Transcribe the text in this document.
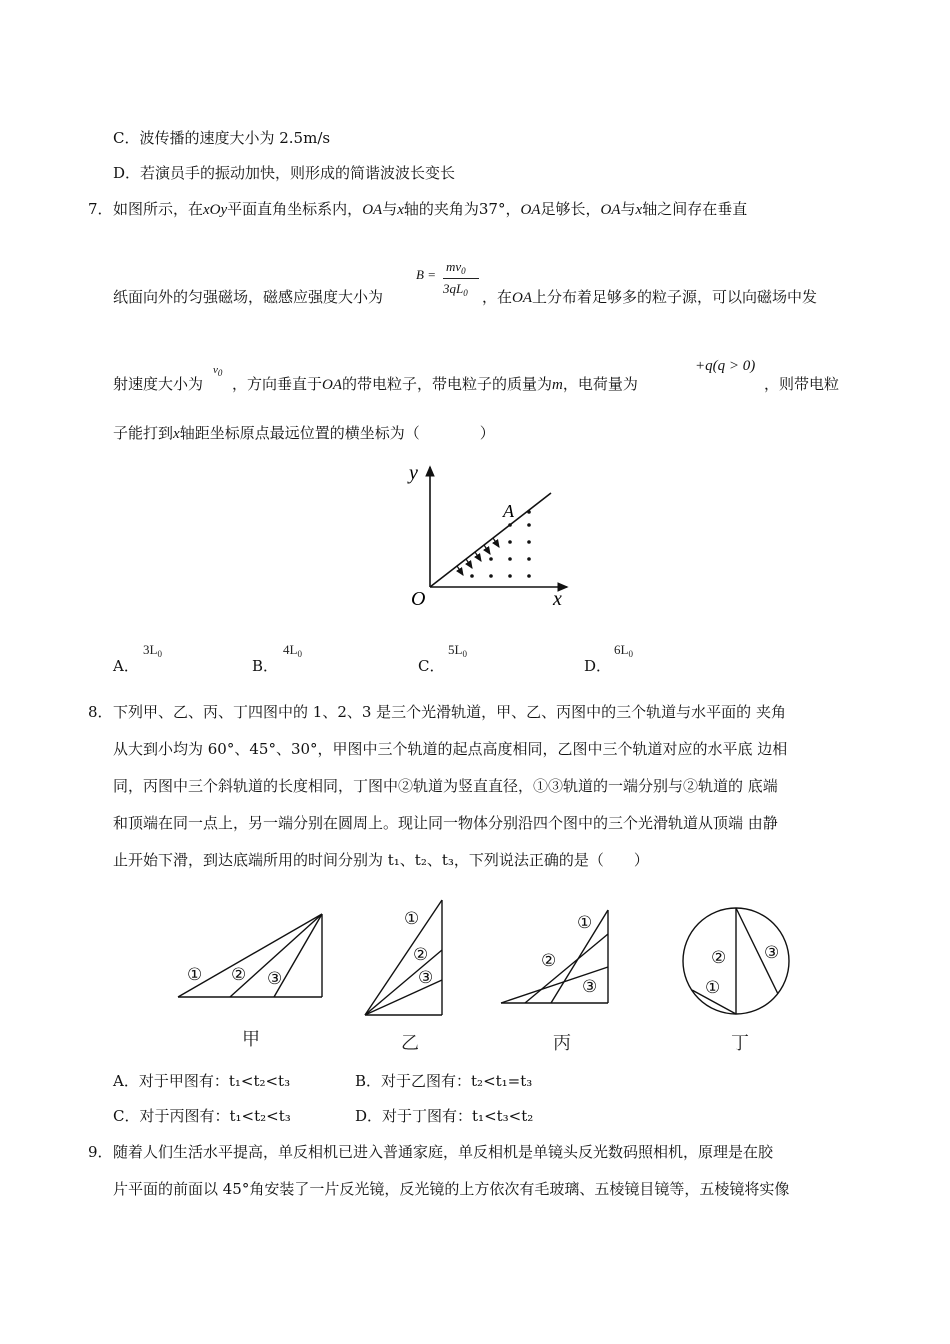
C．波传播的速度大小为 2.5m/s
D．若演员手的振动加快，则形成的简谐波波长变长
7． 如图所示，在xOy平面直角坐标系内，OA与x轴的夹角为37°，OA足够长，OA与x轴之间存在垂直
纸面向外的匀强磁场，磁感应强度大小为
B =
$mv_0$
$3qL_0$ ，在OA上分布着足够多的粒子源，可以向磁场中发
射速度大小为
$v_0$
，方向垂直于OA的带电粒子，带电粒子的质量为m，电荷量为
+q(q > 0)
，则带电粒
子能打到x轴距坐标原点最远位置的横坐标为（　　　　）
y
x
O
A
A．
$3L_0$
B．
$4L_0$
C．
$5L_0$
D．
$6L_0$
8． 下列甲、乙、丙、丁四图中的 1、2、3 是三个光滑轨道，甲、乙、丙图中的三个轨道与水平面的 夹角
从大到小均为 60°、45°、30°，甲图中三个轨道的起点高度相同，乙图中三个轨道对应的水平底 边相
同，丙图中三个斜轨道的长度相同，丁图中②轨道为竖直直径，①③轨道的一端分别与②轨道的 底端
和顶端在同一点上，另一端分别在圆周上。现让同一物体分别沿四个图中的三个光滑轨道从顶端 由静
止开始下滑，到达底端所用的时间分别为 t₁、t₂、t₃，下列说法正确的是（　　）
① ② ③
甲
①
②
③
乙
①
②
③
丙
①
② ③
丁
A．对于甲图有：t₁<t₂<t₃	B．对于乙图有：t₂<t₁=t₃
C．对于丙图有：t₁<t₂<t₃	D．对于丁图有：t₁<t₃<t₂
9． 随着人们生活水平提高，单反相机已进入普通家庭，单反相机是单镜头反光数码照相机，原理是在胶
片平面的前面以 45°角安装了一片反光镜，反光镜的上方依次有毛玻璃、五棱镜目镜等，五棱镜将实像
